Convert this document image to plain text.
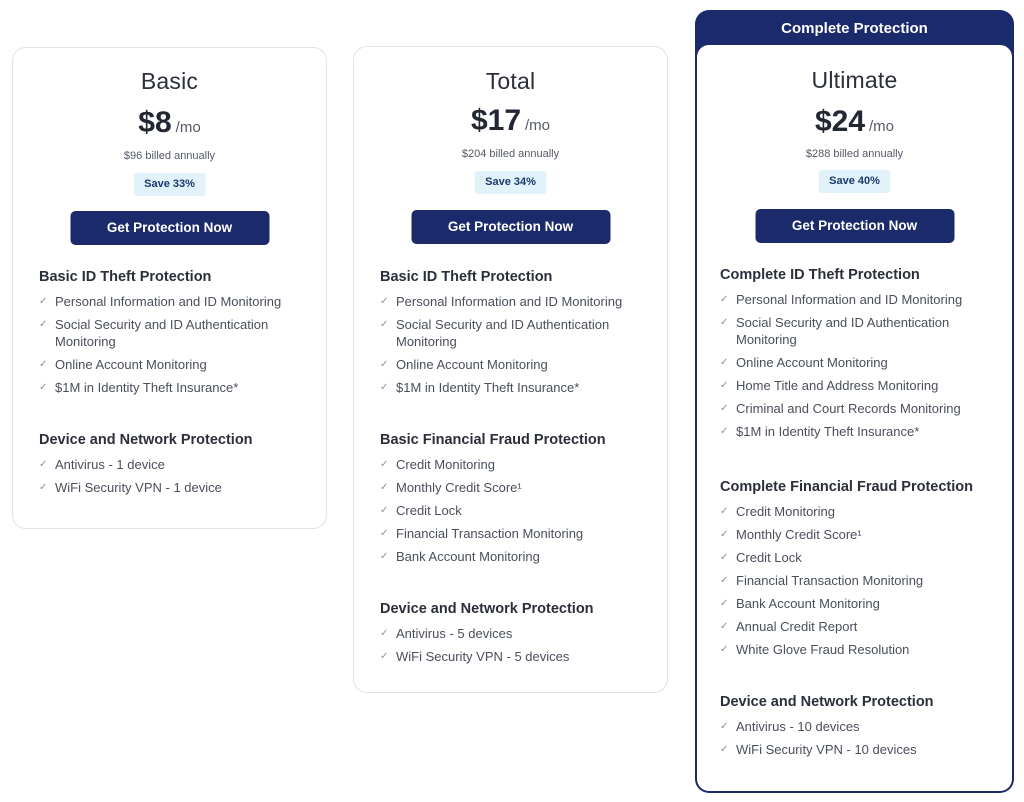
Basic
$8 /mo
$96 billed annually
Save 33%
Get Protection Now
Basic ID Theft Protection
✓ Personal Information and ID Monitoring
✓ Social Security and ID Authentication Monitoring
✓ Online Account Monitoring
✓ $1M in Identity Theft Insurance*
Device and Network Protection
✓ Antivirus - 1 device
✓ WiFi Security VPN - 1 device
Total
$17 /mo
$204 billed annually
Save 34%
Get Protection Now
Basic ID Theft Protection
✓ Personal Information and ID Monitoring
✓ Social Security and ID Authentication Monitoring
✓ Online Account Monitoring
✓ $1M in Identity Theft Insurance*
Basic Financial Fraud Protection
✓ Credit Monitoring
✓ Monthly Credit Score¹
✓ Credit Lock
✓ Financial Transaction Monitoring
✓ Bank Account Monitoring
Device and Network Protection
✓ Antivirus - 5 devices
✓ WiFi Security VPN - 5 devices
Complete Protection
Ultimate
$24 /mo
$288 billed annually
Save 40%
Get Protection Now
Complete ID Theft Protection
✓ Personal Information and ID Monitoring
✓ Social Security and ID Authentication Monitoring
✓ Online Account Monitoring
✓ Home Title and Address Monitoring
✓ Criminal and Court Records Monitoring
✓ $1M in Identity Theft Insurance*
Complete Financial Fraud Protection
✓ Credit Monitoring
✓ Monthly Credit Score¹
✓ Credit Lock
✓ Financial Transaction Monitoring
✓ Bank Account Monitoring
✓ Annual Credit Report
✓ White Glove Fraud Resolution
Device and Network Protection
✓ Antivirus - 10 devices
✓ WiFi Security VPN - 10 devices
